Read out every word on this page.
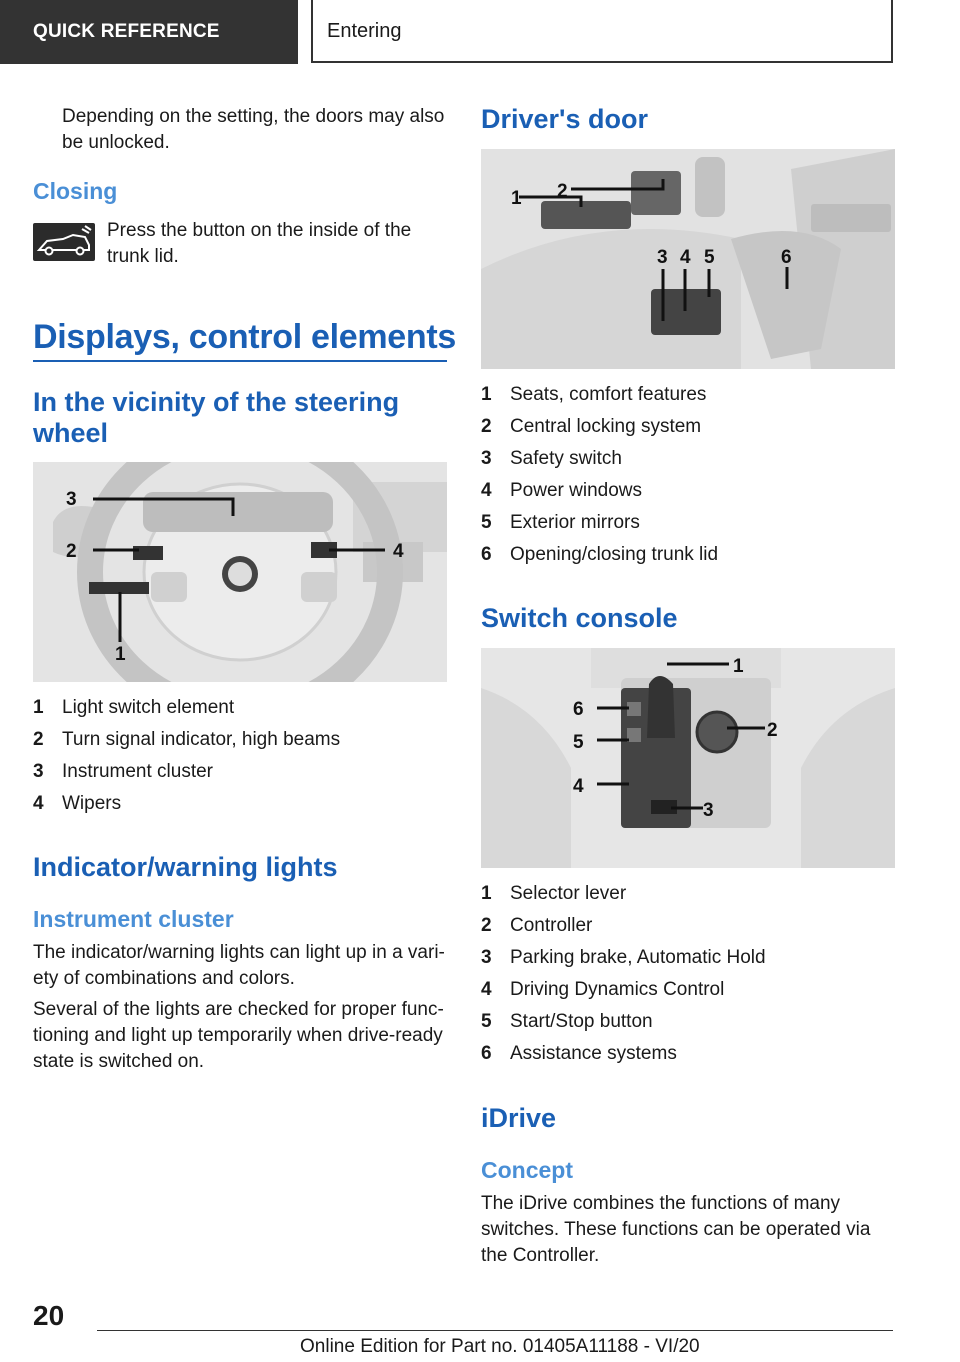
QUICK REFERENCE	Entering
Depending on the setting, the doors may also
be unlocked.
Closing
Press the button on the inside of the
trunk lid.
Displays, control elements
In the vicinity of the steering
wheel
3
2	4
1
1 Light switch element
2 Turn signal indicator, high beams
3 Instrument cluster
4 Wipers
Indicator/warning lights
Instrument cluster
The indicator/warning lights can light up in a vari-
ety of combinations and colors.
Several of the lights are checked for proper func-
tioning and light up temporarily when drive-ready
state is switched on.
Driver's door
1 2
3 4 5	6
1 Seats, comfort features
2 Central locking system
3 Safety switch
4 Power windows
5 Exterior mirrors
6 Opening/closing trunk lid
Switch console
1
2
3
4
5
6
1 Selector lever
2 Controller
3 Parking brake, Automatic Hold
4 Driving Dynamics Control
5 Start/Stop button
6 Assistance systems
iDrive
Concept
The iDrive combines the functions of many
switches. These functions can be operated via
the Controller.
20
Online Edition for Part no. 01405A11188 - VI/20
